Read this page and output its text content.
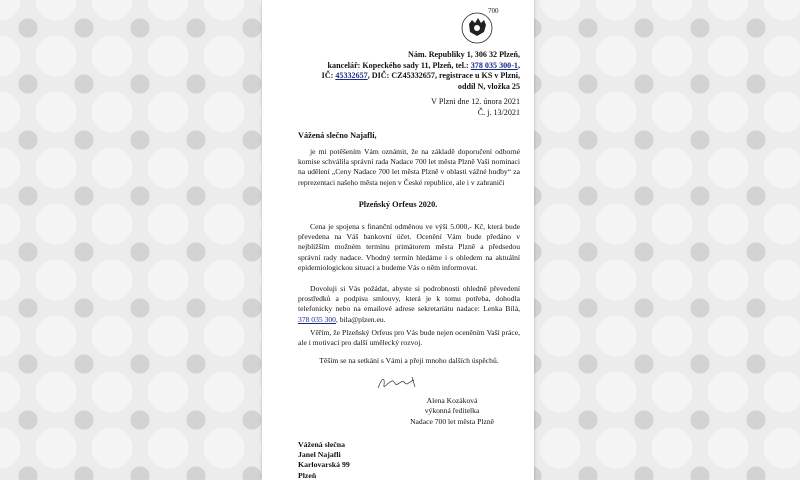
700
Nám. Republiky 1, 306 32 Plzeň,
kancelář: Kopeckého sady 11, Plzeň, tel.: 378 035 300-1,
IČ: 45332657, DIČ: CZ45332657, registrace u KS v Plzni,
oddíl N, vložka 25
V Plzni dne 12. února 2021
Č. j. 13/2021
Vážená slečno Najafli,
je mi potěšením Vám oznámit, že na základě doporučení odborné komise schválila správní rada Nadace 700 let města Plzně Vaši nominaci na udělení „Ceny Nadace 700 let města Plzně v oblasti vážné hudby“ za reprezentaci našeho města nejen v České republice, ale i v zahraničí
Plzeňský Orfeus 2020.
Cena je spojena s finanční odměnou ve výši 5.000,- Kč, která bude převedena na Váš bankovní účet. Ocenění Vám bude předáno v nejbližším možném termínu primátorem města Plzně a předsedou správní rady nadace. Vhodný termín hledáme i s ohledem na aktuální epidemiologickou situaci a budeme Vás o něm informovat.
Dovoluji si Vás požádat, abyste si podrobnosti ohledně převedení prostředků a podpisu smlouvy, která je k tomu potřeba, dohodla telefonicky nebo na emailové adrese sekretariátu nadace: Lenka Bílá, 378 035 300, bila@plzen.eu.
Věřím, že Plzeňský Orfeus pro Vás bude nejen oceněním Vaší práce, ale i motivací pro další umělecký rozvoj.
Těším se na setkání s Vámi a přeji mnoho dalších úspěchů.
Alena Kozáková
výkonná ředitelka
Nadace 700 let města Plzně
Vážená slečna
Janel Najafli
Karlovarská 99
Plzeň
